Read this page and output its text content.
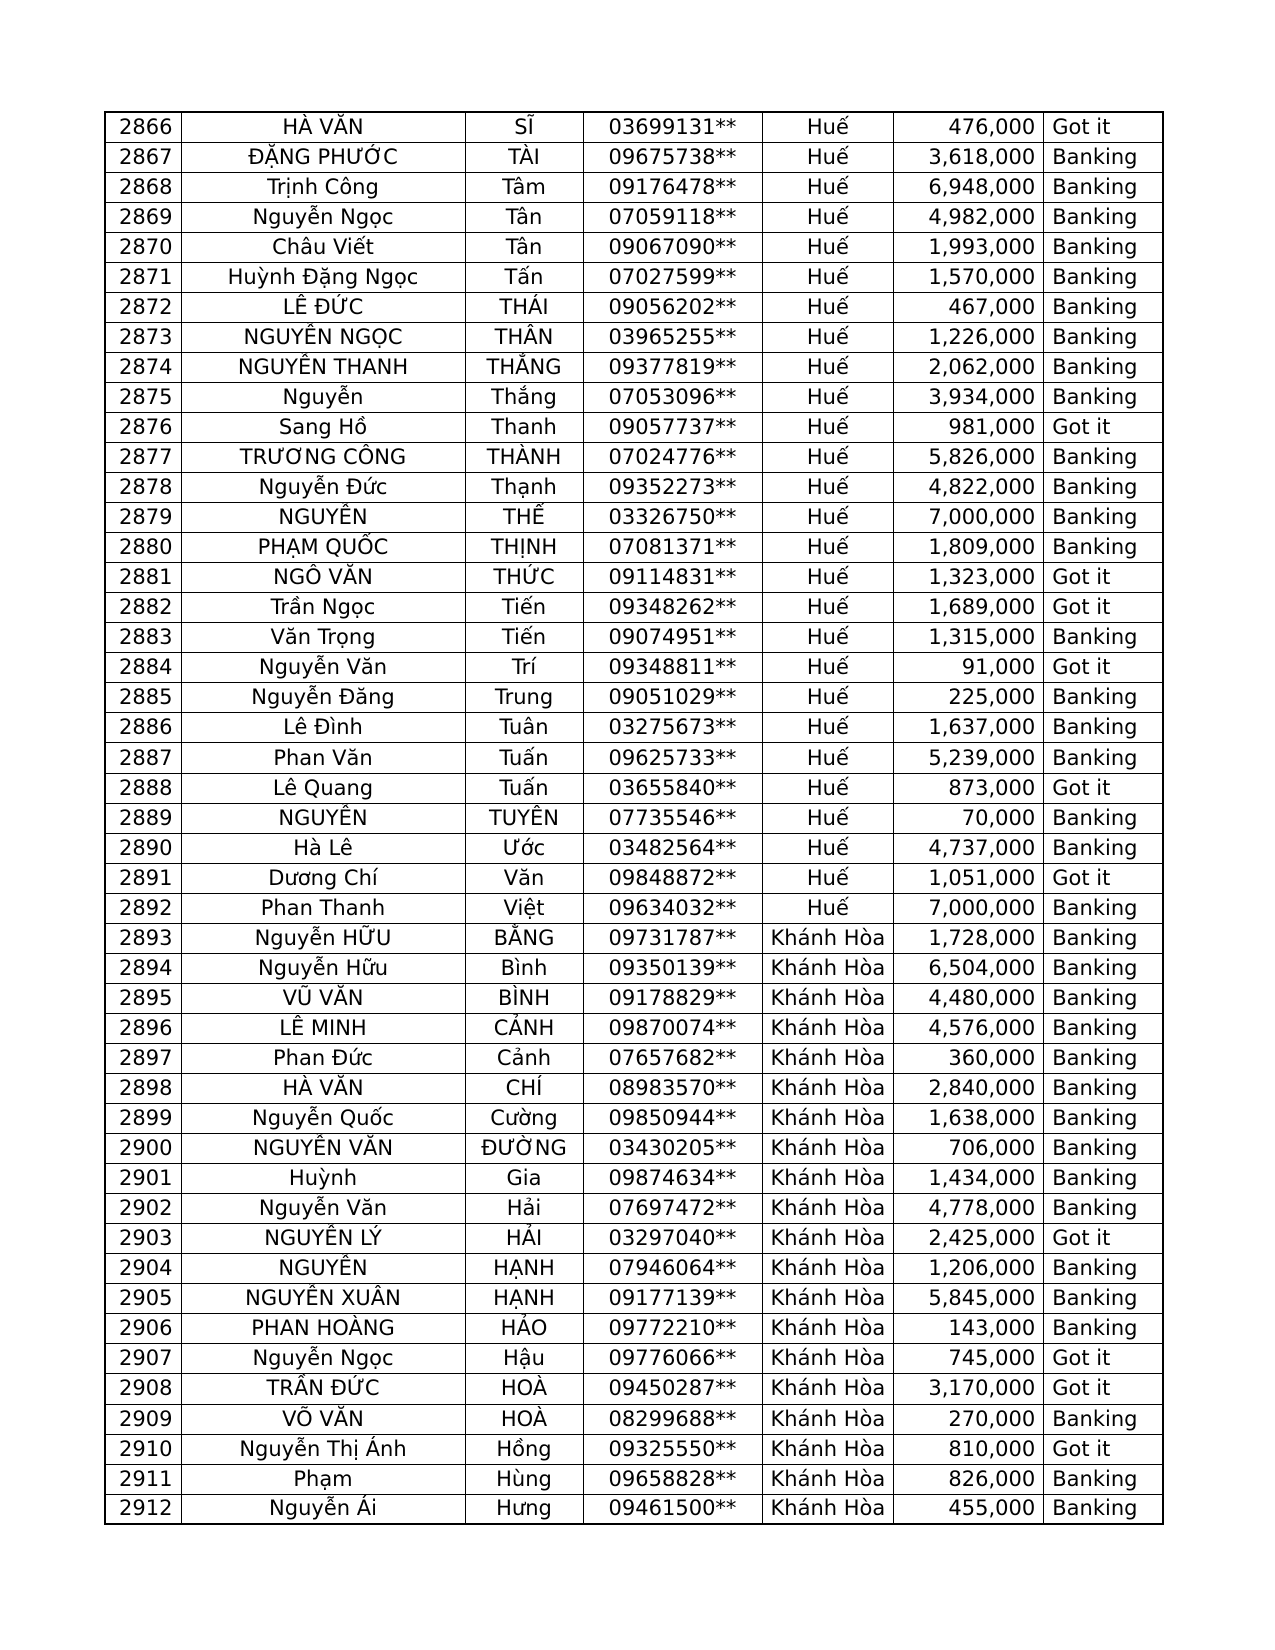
2866	HÀ VĂN	SĨ	03699131**	Huế	476,000	Got it
2867	ĐẶNG PHƯỚC	TÀI	09675738**	Huế	3,618,000	Banking
2868	Trịnh Công	Tâm	09176478**	Huế	6,948,000	Banking
2869	Nguyễn Ngọc	Tân	07059118**	Huế	4,982,000	Banking
2870	Châu Viết	Tân	09067090**	Huế	1,993,000	Banking
2871	Huỳnh Đặng Ngọc	Tấn	07027599**	Huế	1,570,000	Banking
2872	LÊ ĐỨC	THÁI	09056202**	Huế	467,000	Banking
2873	NGUYỄN NGỌC	THÂN	03965255**	Huế	1,226,000	Banking
2874	NGUYỄN THANH	THẮNG	09377819**	Huế	2,062,000	Banking
2875	Nguyễn	Thắng	07053096**	Huế	3,934,000	Banking
2876	Sang Hồ	Thanh	09057737**	Huế	981,000	Got it
2877	TRƯƠNG CÔNG	THÀNH	07024776**	Huế	5,826,000	Banking
2878	Nguyễn Đức	Thạnh	09352273**	Huế	4,822,000	Banking
2879	NGUYỄN	THẾ	03326750**	Huế	7,000,000	Banking
2880	PHẠM QUỐC	THỊNH	07081371**	Huế	1,809,000	Banking
2881	NGÔ VĂN	THỨC	09114831**	Huế	1,323,000	Got it
2882	Trần Ngọc	Tiến	09348262**	Huế	1,689,000	Got it
2883	Văn Trọng	Tiến	09074951**	Huế	1,315,000	Banking
2884	Nguyễn Văn	Trí	09348811**	Huế	91,000	Got it
2885	Nguyễn Đăng	Trung	09051029**	Huế	225,000	Banking
2886	Lê Đình	Tuân	03275673**	Huế	1,637,000	Banking
2887	Phan Văn	Tuấn	09625733**	Huế	5,239,000	Banking
2888	Lê Quang	Tuấn	03655840**	Huế	873,000	Got it
2889	NGUYỄN	TUYÊN	07735546**	Huế	70,000	Banking
2890	Hà Lê	Ước	03482564**	Huế	4,737,000	Banking
2891	Dương Chí	Văn	09848872**	Huế	1,051,000	Got it
2892	Phan Thanh	Việt	09634032**	Huế	7,000,000	Banking
2893	Nguyễn HỮU	BẰNG	09731787**	Khánh Hòa	1,728,000	Banking
2894	Nguyễn Hữu	Bình	09350139**	Khánh Hòa	6,504,000	Banking
2895	VŨ VĂN	BÌNH	09178829**	Khánh Hòa	4,480,000	Banking
2896	LÊ MINH	CẢNH	09870074**	Khánh Hòa	4,576,000	Banking
2897	Phan Đức	Cảnh	07657682**	Khánh Hòa	360,000	Banking
2898	HÀ VĂN	CHÍ	08983570**	Khánh Hòa	2,840,000	Banking
2899	Nguyễn Quốc	Cường	09850944**	Khánh Hòa	1,638,000	Banking
2900	NGUYỄN VĂN	ĐƯỜNG	03430205**	Khánh Hòa	706,000	Banking
2901	Huỳnh	Gia	09874634**	Khánh Hòa	1,434,000	Banking
2902	Nguyễn Văn	Hải	07697472**	Khánh Hòa	4,778,000	Banking
2903	NGUYỄN LÝ	HẢI	03297040**	Khánh Hòa	2,425,000	Got it
2904	NGUYỄN	HẠNH	07946064**	Khánh Hòa	1,206,000	Banking
2905	NGUYỄN XUÂN	HẠNH	09177139**	Khánh Hòa	5,845,000	Banking
2906	PHAN HOÀNG	HẢO	09772210**	Khánh Hòa	143,000	Banking
2907	Nguyễn Ngọc	Hậu	09776066**	Khánh Hòa	745,000	Got it
2908	TRẦN ĐỨC	HOÀ	09450287**	Khánh Hòa	3,170,000	Got it
2909	VÕ VĂN	HOÀ	08299688**	Khánh Hòa	270,000	Banking
2910	Nguyễn Thị Ánh	Hồng	09325550**	Khánh Hòa	810,000	Got it
2911	Phạm	Hùng	09658828**	Khánh Hòa	826,000	Banking
2912	Nguyễn Ái	Hưng	09461500**	Khánh Hòa	455,000	Banking
